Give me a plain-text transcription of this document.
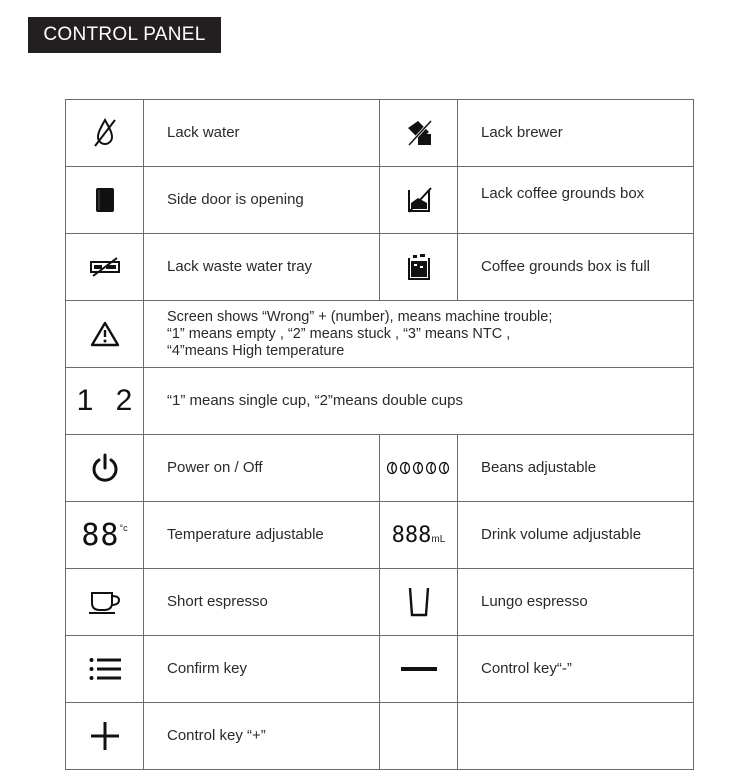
CONTROL PANEL
	Lack water		Lack brewer
	Side door is opening		Lack coffee grounds box
	Lack waste water tray		Coffee grounds box is full

Screen shows “Wrong” + (number), means machine trouble;
“1” means empty , “2” means stuck , “3” means NTC ,
“4”means High temperature		

1 2	“1” means single cup, “2”means double cups		
	Power on / Off		Beans adjustable
$88^{^\circ c}$	Temperature adjustable	888mL	Drink volume adjustable
	Short espresso		Lungo espresso
	Confirm key		Control key“-”
	Control key “+”		
